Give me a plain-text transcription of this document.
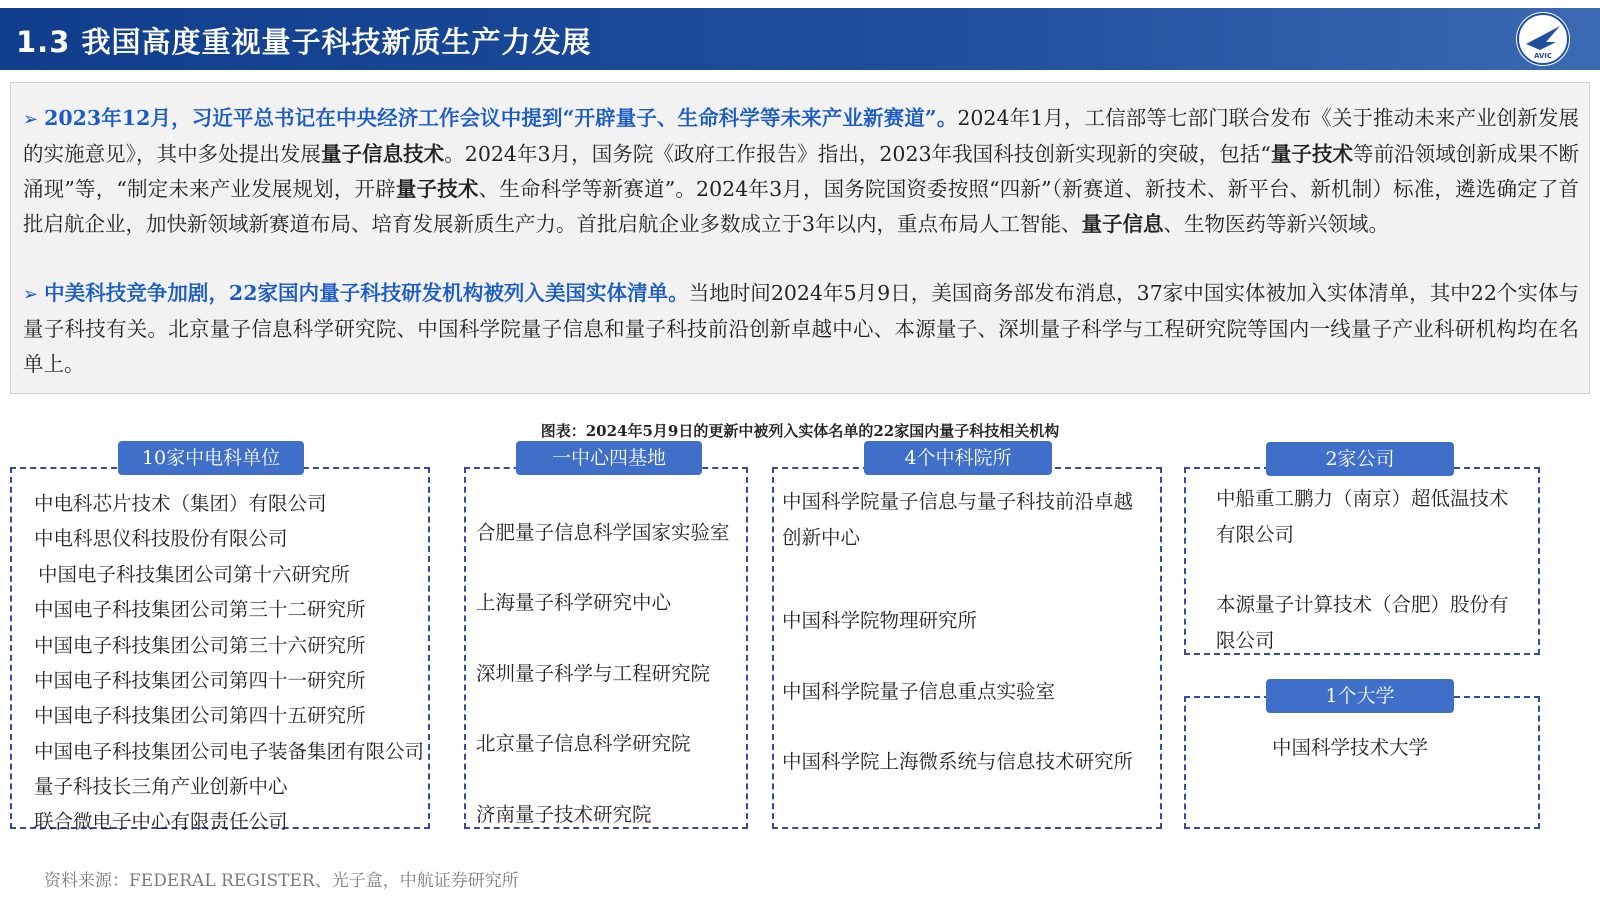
1.3 我国高度重视量子科技新质生产力发展	AVIC
➢ 2023年12月，习近平总书记在中央经济工作会议中提到“开辟量子、生命科学等未来产业新赛道”。2024年1月，工信部等七部门联合发布《关于推动未来产业创新发展的实施意见》，其中多处提出发展量子信息技术。2024年3月，国务院《政府工作报告》指出，2023年我国科技创新实现新的突破，包括“量子技术等前沿领域创新成果不断涌现”等，“制定未来产业发展规划，开辟量子技术、生命科学等新赛道”。2024年3月，国务院国资委按照“四新”（新赛道、新技术、新平台、新机制）标准，遴选确定了首批启航企业，加快新领域新赛道布局、培育发展新质生产力。首批启航企业多数成立于3年以内，重点布局人工智能、量子信息、生物医药等新兴领域。
➢ 中美科技竞争加剧，22家国内量子科技研发机构被列入美国实体清单。当地时间2024年5月9日，美国商务部发布消息，37家中国实体被加入实体清单，其中22个实体与量子科技有关。北京量子信息科学研究院、中国科学院量子信息和量子科技前沿创新卓越中心、本源量子、深圳量子科学与工程研究院等国内一线量子产业科研机构均在名单上。
图表：2024年5月9日的更新中被列入实体名单的22家国内量子科技相关机构
10家中电科单位
中电科芯片技术（集团）有限公司
中电科思仪科技股份有限公司
中国电子科技集团公司第十六研究所
中国电子科技集团公司第三十二研究所
中国电子科技集团公司第三十六研究所
中国电子科技集团公司第四十一研究所
中国电子科技集团公司第四十五研究所
中国电子科技集团公司电子装备集团有限公司
量子科技长三角产业创新中心
联合微电子中心有限责任公司
一中心四基地
合肥量子信息科学国家实验室
上海量子科学研究中心
深圳量子科学与工程研究院
北京量子信息科学研究院
济南量子技术研究院
4个中科院所
中国科学院量子信息与量子科技前沿卓越创新中心
中国科学院物理研究所
中国科学院量子信息重点实验室
中国科学院上海微系统与信息技术研究所
2家公司
中船重工鹏力（南京）超低温技术有限公司
本源量子计算技术（合肥）股份有限公司
1个大学
中国科学技术大学
资料来源：FEDERAL REGISTER、光子盒，中航证券研究所
